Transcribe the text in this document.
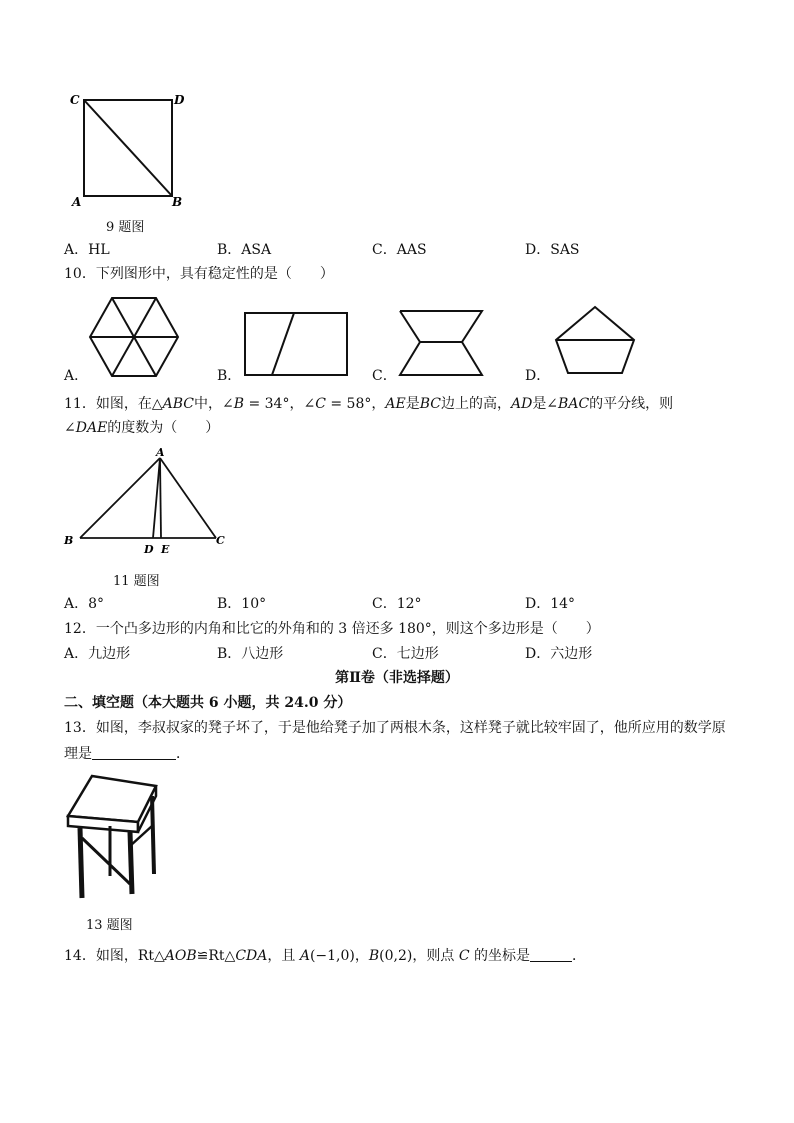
C	D
A	B
9 题图
A．HL	B．ASA	C．AAS	D．SAS
10．下列图形中，具有稳定性的是（　　）
A．	B．	C．	D．
11．如图，在△ABC中，∠B = 34°，∠C = 58°，AE是BC边上的高，AD是∠BAC的平分线，则
∠DAE的度数为（　　）
A
B	C
D E
11 题图
A．8°	B．10°	C．12°	D．14°
12．一个凸多边形的内角和比它的外角和的 3 倍还多 180°，则这个多边形是（　　）
A．九边形	B．八边形	C．七边形	D．六边形
第Ⅱ卷（非选择题）
二、填空题（本大题共 6 小题，共 24.0 分）
13．如图，李叔叔家的凳子坏了，于是他给凳子加了两根木条，这样凳子就比较牢固了，他所应用的数学原
理是	．
13 题图
14．如图，Rt△AOB≌Rt△CDA，且 A(−1,0)，B(0,2)，则点 C 的坐标是	．
